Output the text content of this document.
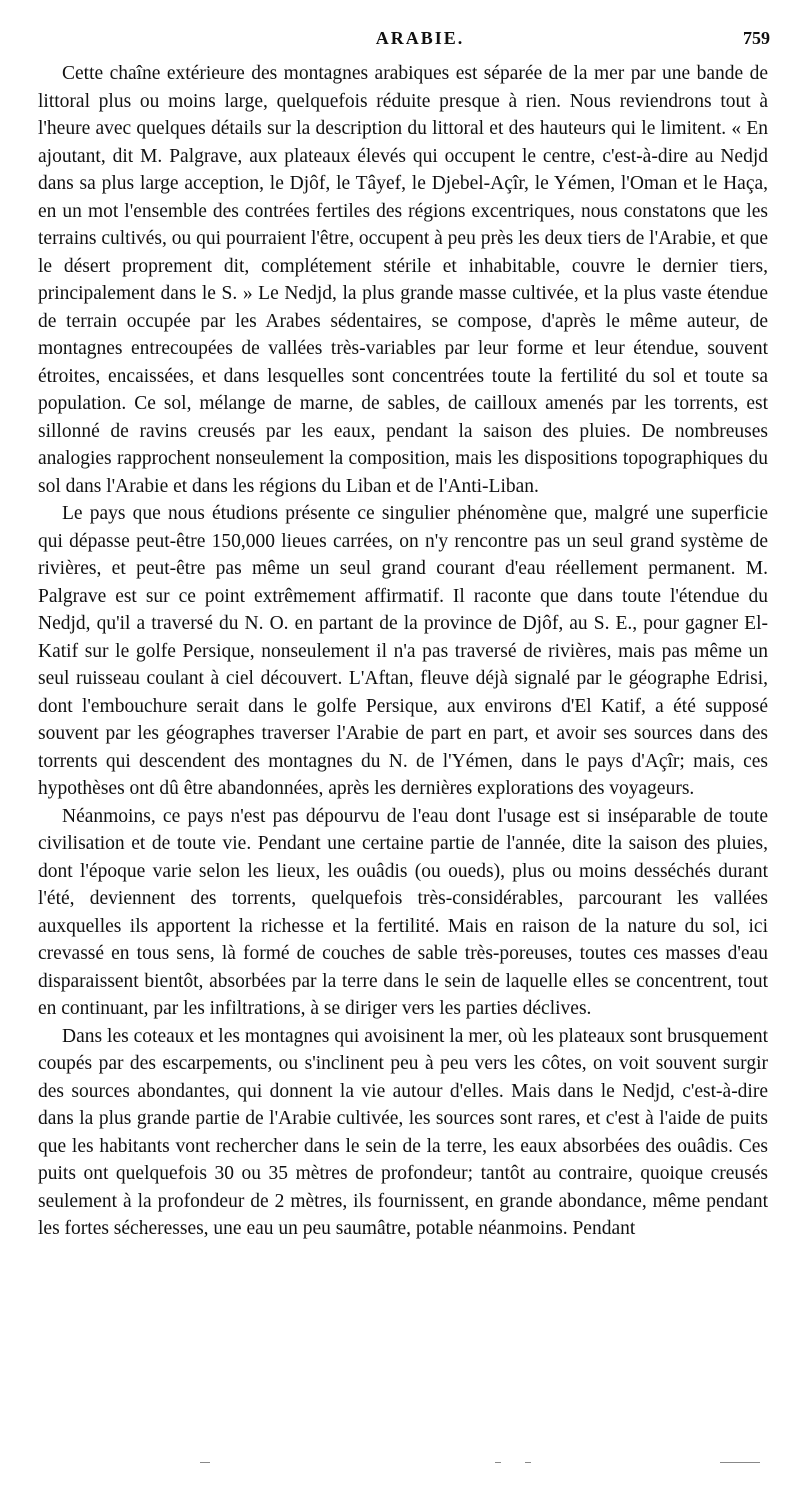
ARABIE.	759

Cette chaîne extérieure des montagnes arabiques est séparée de la mer par une bande de littoral plus ou moins large, quelquefois réduite presque à rien. Nous reviendrons tout à l'heure avec quelques détails sur la description du littoral et des hauteurs qui le limitent. « En ajoutant, dit M. Palgrave, aux plateaux élevés qui occupent le centre, c'est-à-dire au Nedjd dans sa plus large acception, le Djôf, le Tâyef, le Djebel-Açîr, le Yémen, l'Oman et le Haça, en un mot l'ensemble des contrées fertiles des régions excentriques, nous constatons que les terrains cultivés, ou qui pourraient l'être, occupent à peu près les deux tiers de l'Arabie, et que le désert proprement dit, complétement stérile et inhabitable, couvre le dernier tiers, principalement dans le S. » Le Nedjd, la plus grande masse cultivée, et la plus vaste étendue de terrain occupée par les Arabes sédentaires, se compose, d'après le même auteur, de montagnes entrecoupées de vallées très-variables par leur forme et leur étendue, souvent étroites, encaissées, et dans lesquelles sont concentrées toute la fertilité du sol et toute sa population. Ce sol, mélange de marne, de sables, de cailloux amenés par les torrents, est sillonné de ravins creusés par les eaux, pendant la saison des pluies. De nombreuses analogies rapprochent nonseulement la composition, mais les dispositions topographiques du sol dans l'Arabie et dans les régions du Liban et de l'Anti-Liban.

Le pays que nous étudions présente ce singulier phénomène que, malgré une superficie qui dépasse peut-être 150,000 lieues carrées, on n'y rencontre pas un seul grand système de rivières, et peut-être pas même un seul grand courant d'eau réellement permanent. M. Palgrave est sur ce point extrêmement affirmatif. Il raconte que dans toute l'étendue du Nedjd, qu'il a traversé du N. O. en partant de la province de Djôf, au S. E., pour gagner El-Katif sur le golfe Persique, nonseulement il n'a pas traversé de rivières, mais pas même un seul ruisseau coulant à ciel découvert. L'Aftan, fleuve déjà signalé par le géographe Edrisi, dont l'embouchure serait dans le golfe Persique, aux environs d'El Katif, a été supposé souvent par les géographes traverser l'Arabie de part en part, et avoir ses sources dans des torrents qui descendent des montagnes du N. de l'Yémen, dans le pays d'Açîr; mais, ces hypothèses ont dû être abandonnées, après les dernières explorations des voyageurs.

Néanmoins, ce pays n'est pas dépourvu de l'eau dont l'usage est si inséparable de toute civilisation et de toute vie. Pendant une certaine partie de l'année, dite la saison des pluies, dont l'époque varie selon les lieux, les ouâdis (ou oueds), plus ou moins desséchés durant l'été, deviennent des torrents, quelquefois très-considérables, parcourant les vallées auxquelles ils apportent la richesse et la fertilité. Mais en raison de la nature du sol, ici crevassé en tous sens, là formé de couches de sable très-poreuses, toutes ces masses d'eau disparaissent bientôt, absorbées par la terre dans le sein de laquelle elles se concentrent, tout en continuant, par les infiltrations, à se diriger vers les parties déclives.

Dans les coteaux et les montagnes qui avoisinent la mer, où les plateaux sont brusquement coupés par des escarpements, ou s'inclinent peu à peu vers les côtes, on voit souvent surgir des sources abondantes, qui donnent la vie autour d'elles. Mais dans le Nedjd, c'est-à-dire dans la plus grande partie de l'Arabie cultivée, les sources sont rares, et c'est à l'aide de puits que les habitants vont rechercher dans le sein de la terre, les eaux absorbées des ouâdis. Ces puits ont quelquefois 30 ou 35 mètres de profondeur; tantôt au contraire, quoique creusés seulement à la profondeur de 2 mètres, ils fournissent, en grande abondance, même pendant les fortes sécheresses, une eau un peu saumâtre, potable néanmoins. Pendant
